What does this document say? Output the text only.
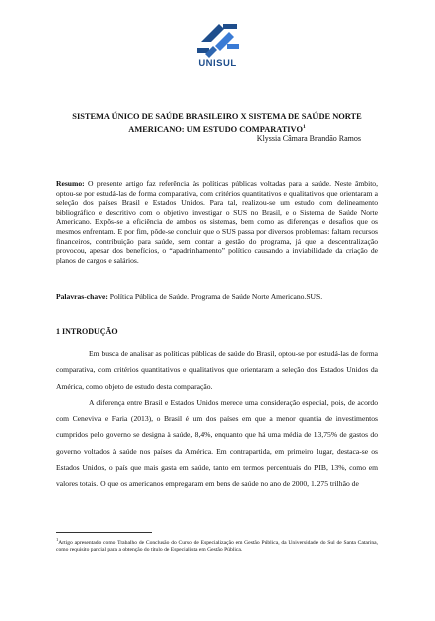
UNISUL
SISTEMA ÚNICO DE SAÚDE BRASILEIRO X SISTEMA DE SAÚDE NORTE AMERICANO: UM ESTUDO COMPARATIVO$^1$
Klyssia Câmara Brandão Ramos
Resumo: O presente artigo faz referência às políticas públicas voltadas para a saúde. Neste âmbito, optou-se por estudá-las de forma comparativa, com critérios quantitativos e qualitativos que orientaram a seleção dos países Brasil e Estados Unidos. Para tal, realizou-se um estudo com delineamento bibliográfico e descritivo com o objetivo investigar o SUS no Brasil, e o Sistema de Saúde Norte Americano. Expôs-se a eficiência de ambos os sistemas, bem como as diferenças e desafios que os mesmos enfrentam. E por fim, pôde-se concluir que o SUS passa por diversos problemas: faltam recursos financeiros, contribuição para saúde, sem contar a gestão do programa, já que a descentralização provocou, apesar dos benefícios, o “apadrinhamento” político causando a inviabilidade da criação de planos de cargos e salários.
Palavras-chave: Política Pública de Saúde. Programa de Saúde Norte Americano.SUS.
1 INTRODUÇÃO

Em busca de analisar as políticas públicas de saúde do Brasil, optou-se por estudá-las de forma comparativa, com critérios quantitativos e qualitativos que orientaram a seleção dos Estados Unidos da América, como objeto de estudo desta comparação.

A diferença entre Brasil e Estados Unidos merece uma consideração especial, pois, de acordo com Ceneviva e Faria (2013), o Brasil é um dos países em que a menor quantia de investimentos cumpridos pelo governo se designa à saúde, 8,4%, enquanto que há uma média de 13,75% de gastos do governo voltados à saúde nos países da América. Em contrapartida, em primeiro lugar, destaca-se os Estados Unidos, o país que mais gasta em saúde, tanto em termos percentuais do PIB, 13%, como em valores totais. O que os americanos empregaram em bens de saúde no ano de 2000, 1.275 trilhão de

$^1$Artigo apresentado como Trabalho de Conclusão do Curso de Especialização em Gestão Pública, da Universidade do Sul de Santa Catarina, como requisito parcial para a obtenção do título de Especialista em Gestão Pública.
